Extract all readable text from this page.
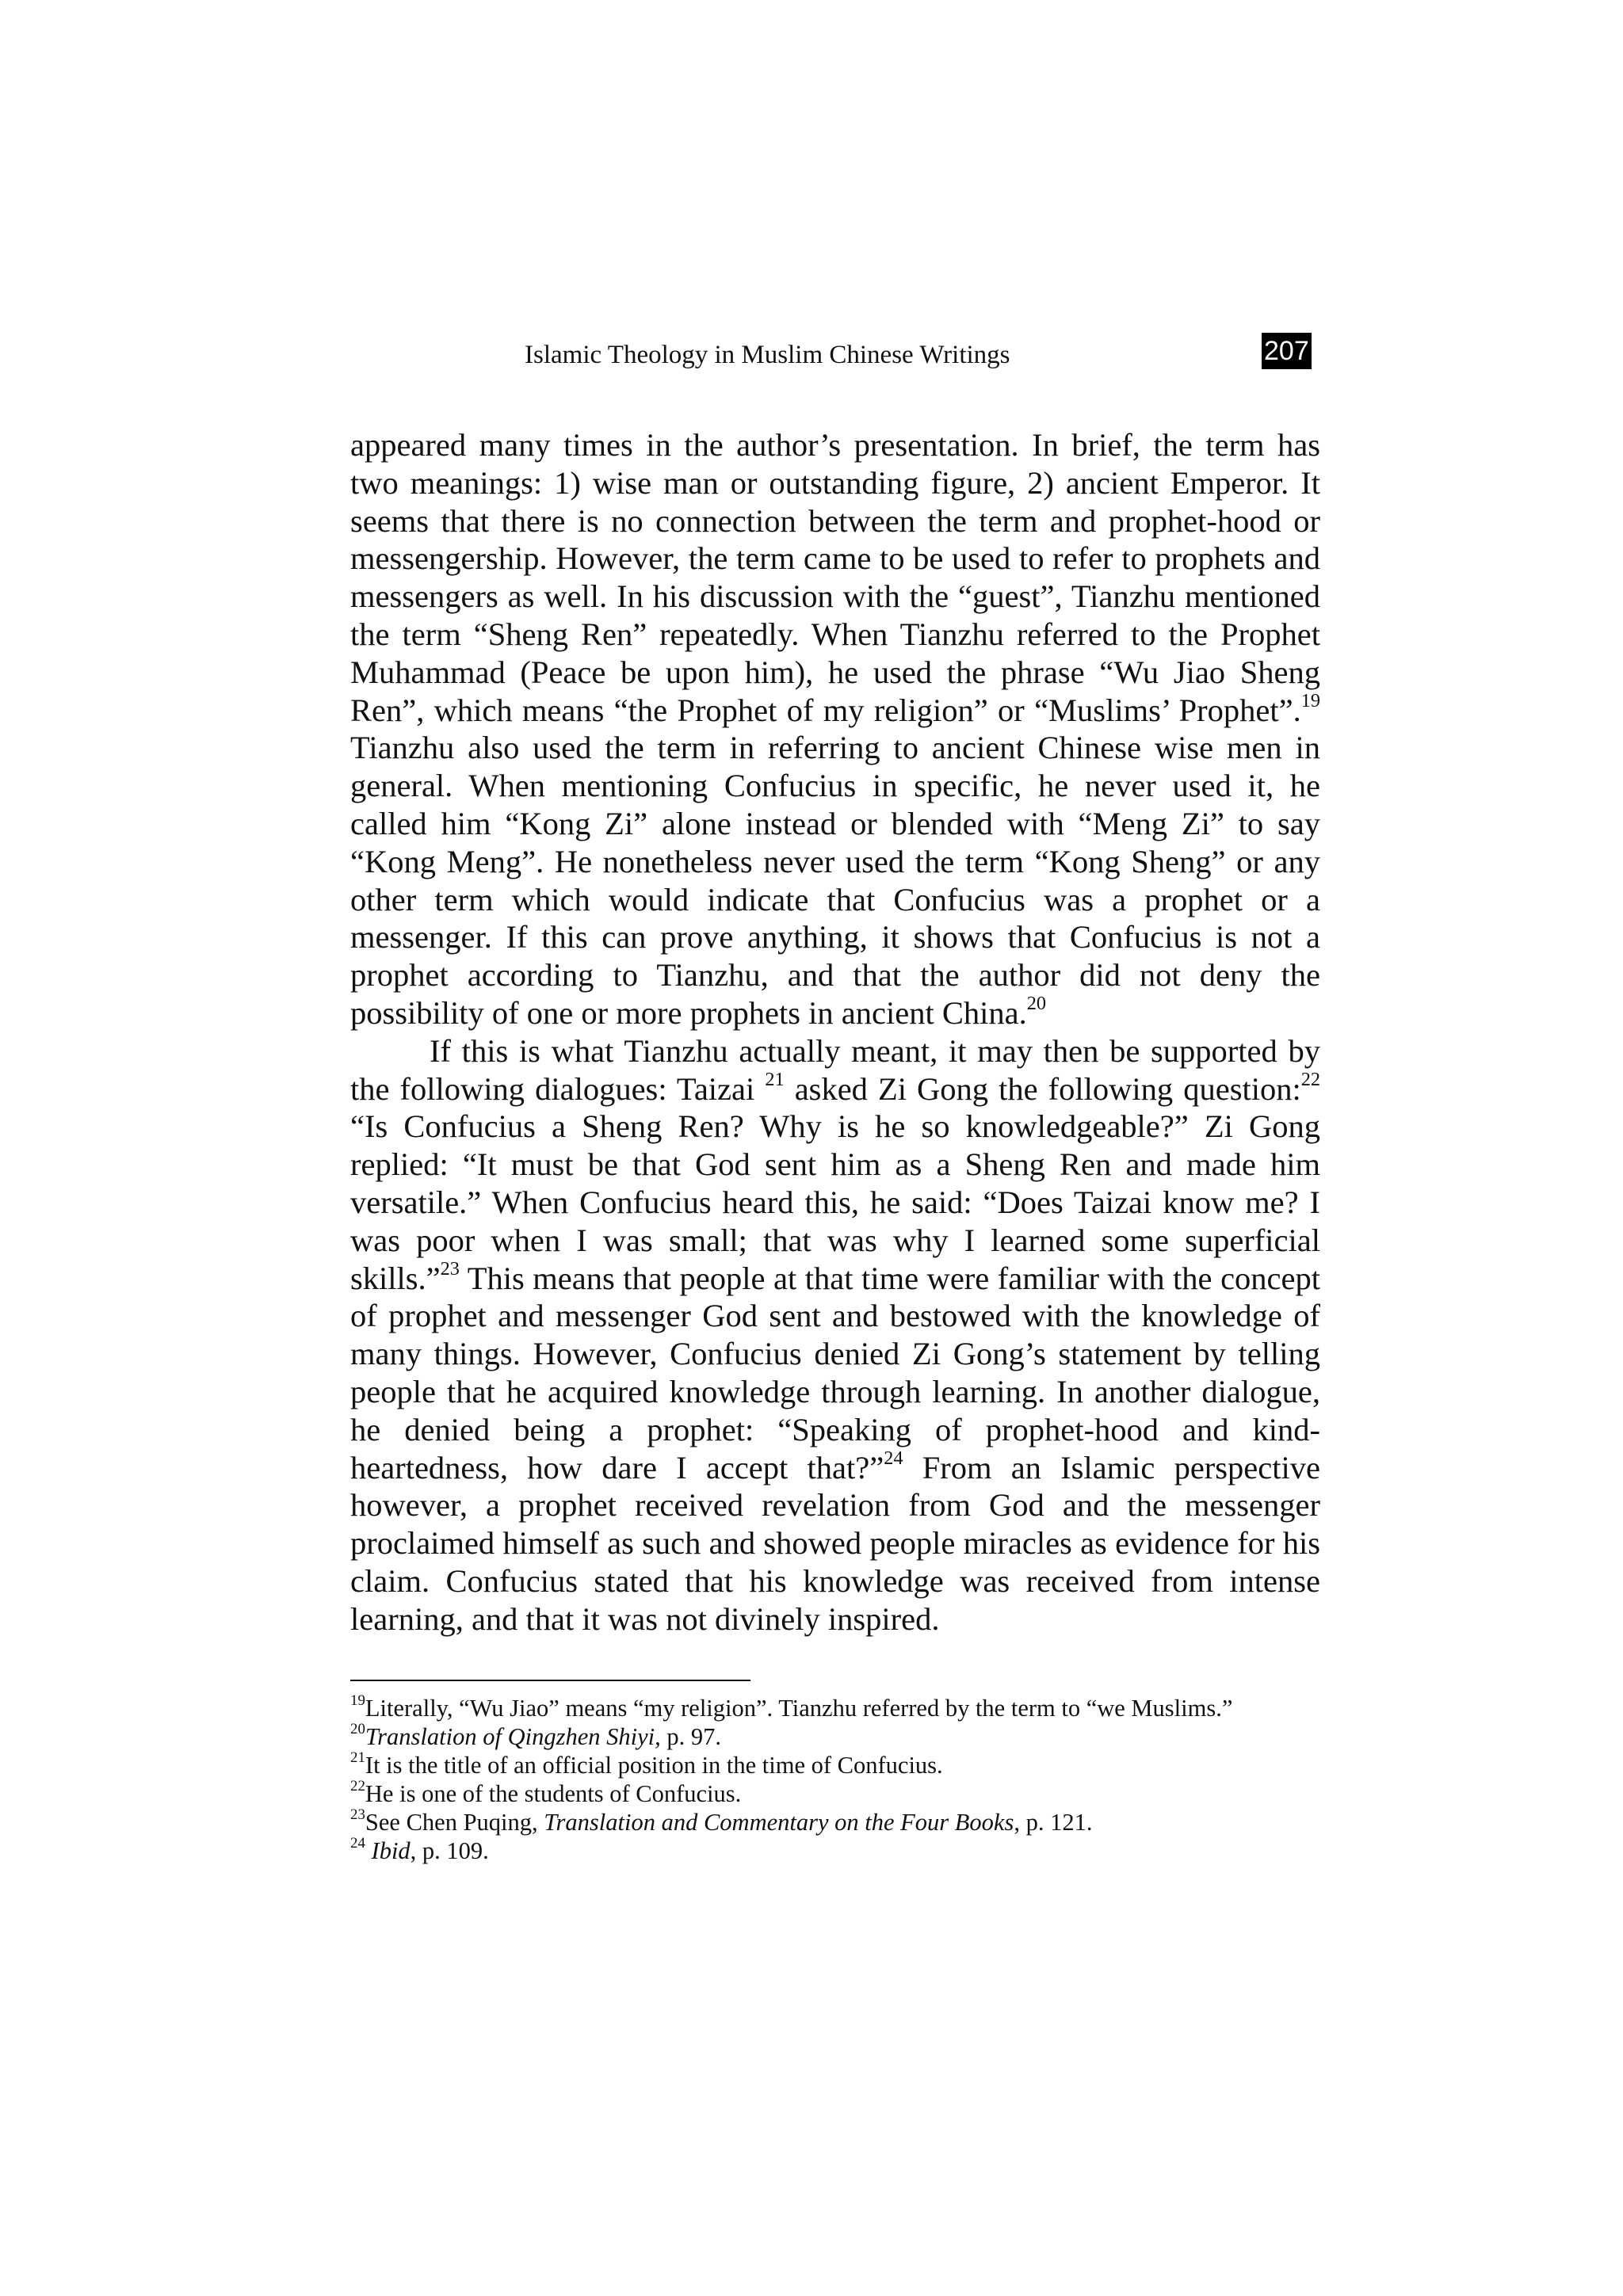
Islamic Theology in Muslim Chinese Writings	207

appeared many times in the author’s presentation. In brief, the term has two meanings: 1) wise man or outstanding figure, 2) ancient Emperor. It seems that there is no connection between the term and prophet-hood or messengership. However, the term came to be used to refer to prophets and messengers as well. In his discussion with the “guest”, Tianzhu mentioned the term “Sheng Ren” repeatedly. When Tianzhu referred to the Prophet Muhammad (Peace be upon him), he used the phrase “Wu Jiao Sheng Ren”, which means “the Prophet of my religion” or “Muslims’ Prophet”.$^{19}$ Tianzhu also used the term in referring to ancient Chinese wise men in general. When mentioning Confucius in specific, he never used it, he called him “Kong Zi” alone instead or blended with “Meng Zi” to say “Kong Meng”. He nonetheless never used the term “Kong Sheng” or any other term which would indicate that Confucius was a prophet or a messenger. If this can prove anything, it shows that Confucius is not a prophet according to Tianzhu, and that the author did not deny the possibility of one or more prophets in ancient China.$^{20}$

If this is what Tianzhu actually meant, it may then be supported by the following dialogues: Taizai $^{21}$ asked Zi Gong the following question:$^{22}$ “Is Confucius a Sheng Ren? Why is he so knowledgeable?” Zi Gong replied: “It must be that God sent him as a Sheng Ren and made him versatile.” When Confucius heard this, he said: “Does Taizai know me? I was poor when I was small; that was why I learned some superficial skills.”$^{23}$ This means that people at that time were familiar with the concept of prophet and messenger God sent and bestowed with the knowledge of many things. However, Confucius denied Zi Gong’s statement by telling people that he acquired knowledge through learning. In another dialogue, he denied being a prophet: “Speaking of prophet-hood and kind-heartedness, how dare I accept that?”$^{24}$ From an Islamic perspective however, a prophet received revelation from God and the messenger proclaimed himself as such and showed people miracles as evidence for his claim. Confucius stated that his knowledge was received from intense learning, and that it was not divinely inspired.

$^{19}$Literally, “Wu Jiao” means “my religion”. Tianzhu referred by the term to “we Muslims.”
$^{20}$Translation of Qingzhen Shiyi, p. 97.
$^{21}$It is the title of an official position in the time of Confucius.
$^{22}$He is one of the students of Confucius.
$^{23}$See Chen Puqing, Translation and Commentary on the Four Books, p. 121.
$^{24}$ Ibid, p. 109.
